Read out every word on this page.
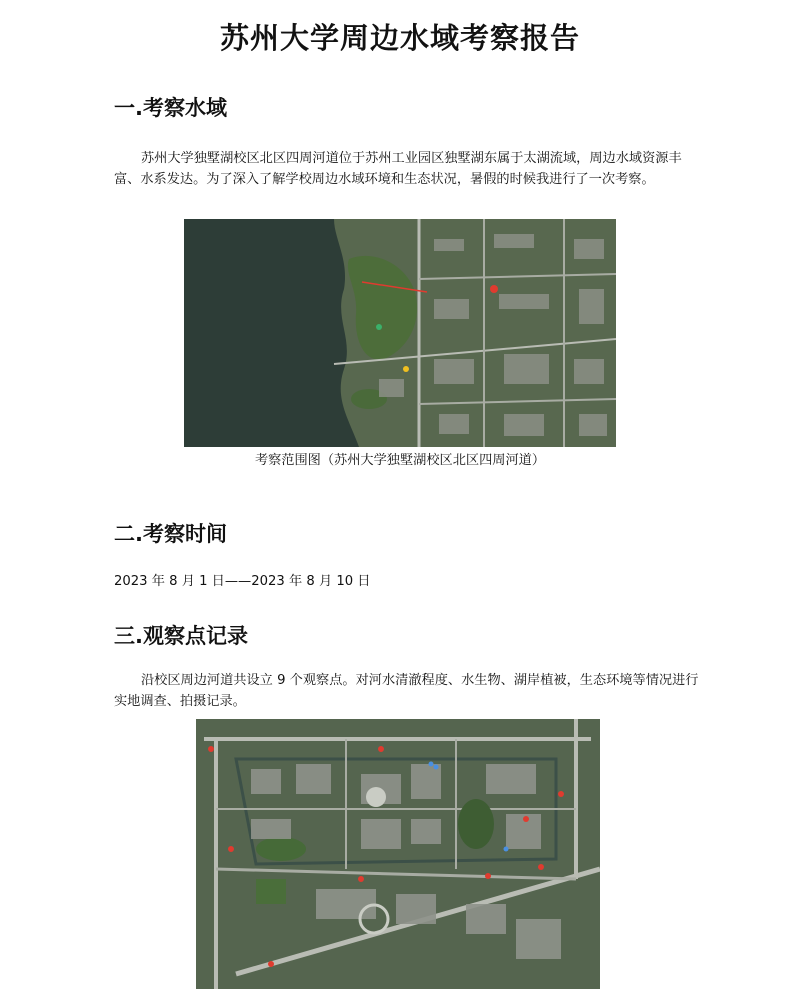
苏州大学周边水域考察报告
一.考察水域
苏州大学独墅湖校区北区四周河道位于苏州工业园区独墅湖东属于太湖流域，周边水域资源丰富、水系发达。为了深入了解学校周边水域环境和生态状况，暑假的时候我进行了一次考察。
考察范围图（苏州大学独墅湖校区北区四周河道）
二.考察时间
2023 年 8 月 1 日——2023 年 8 月 10 日
三.观察点记录
沿校区周边河道共设立 9 个观察点。对河水清澈程度、水生物、湖岸植被，生态环境等情况进行实地调查、拍摄记录。
